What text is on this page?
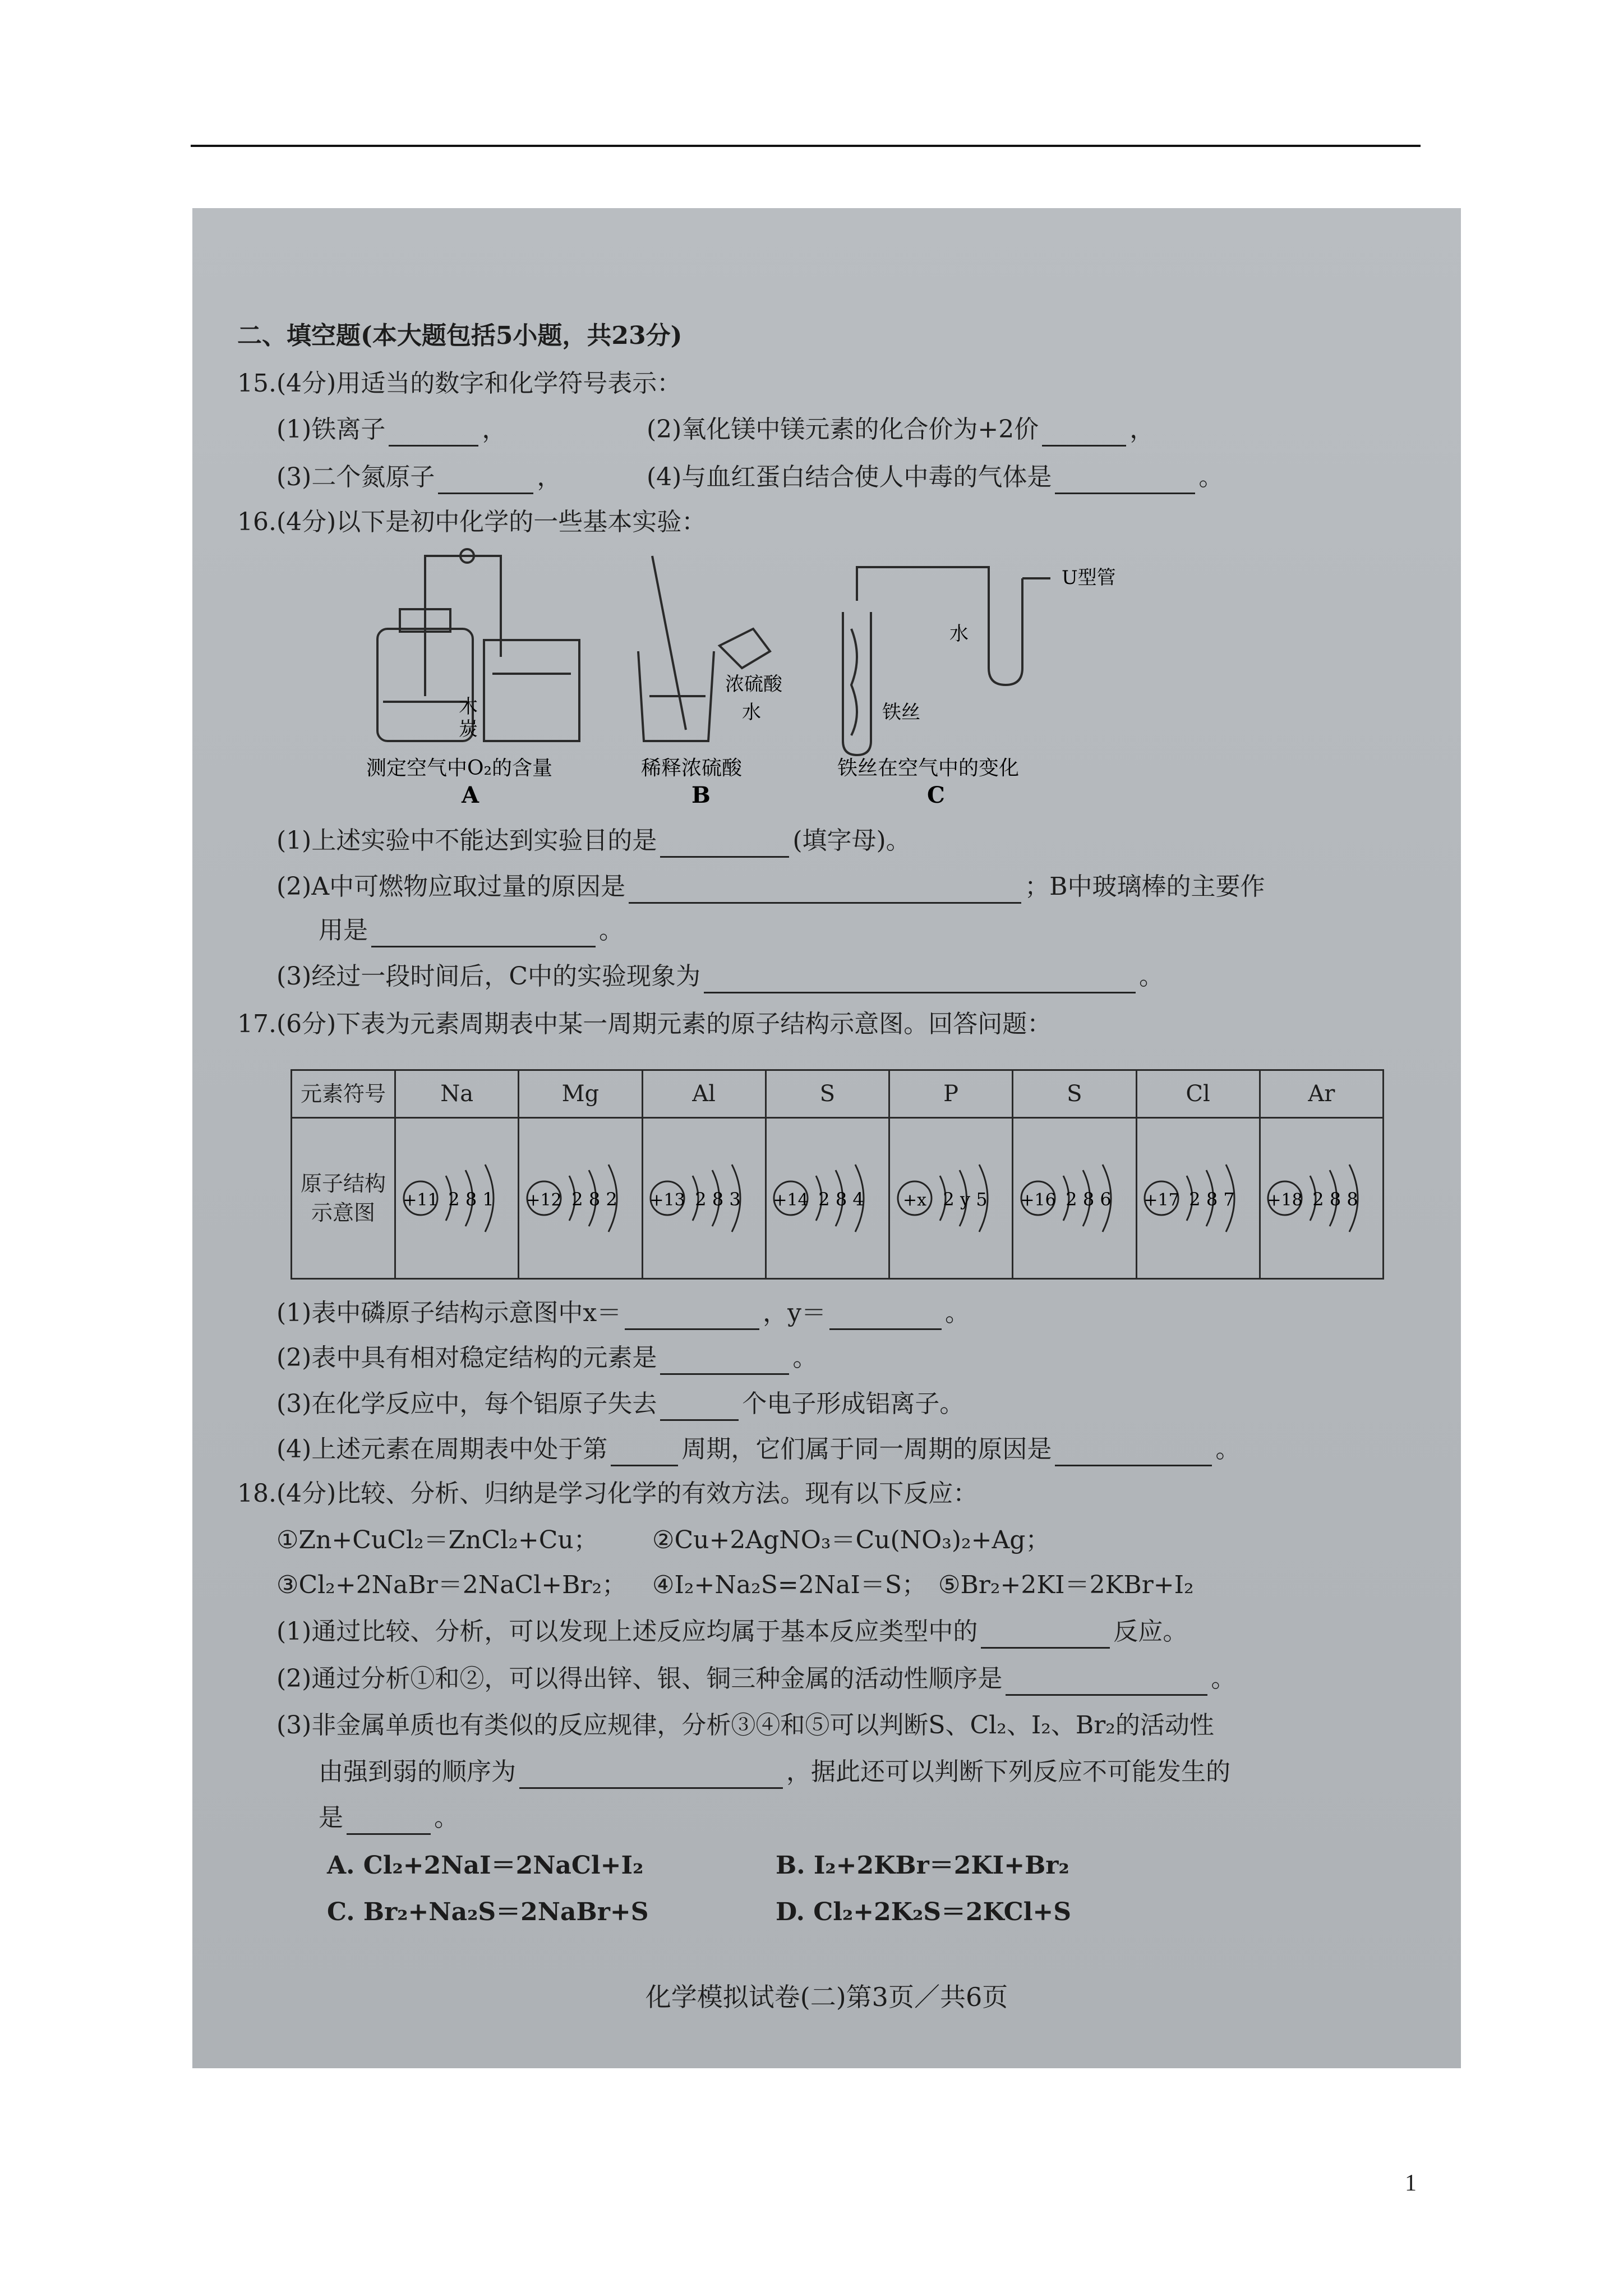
二、填空题(本大题包括5小题，共23分)
15.(4分)用适当的数字和化学符号表示：
(1)铁离子	，	(2)氧化镁中镁元素的化合价为+2价	，
(3)二个氮原子	，	(4)与血红蛋白结合使人中毒的气体是	。
16.(4分)以下是初中化学的一些基本实验：
木
炭
测定空气中O₂的含量
A
浓硫酸
水
稀释浓硫酸
B
U型管
水
铁丝
铁丝在空气中的变化
C
(1)上述实验中不能达到实验目的是	(填字母)。
(2)A中可燃物应取过量的原因是	；B中玻璃棒的主要作
用是	。
(3)经过一段时间后，C中的实验现象为	。
17.(6分)下表为元素周期表中某一周期元素的原子结构示意图。回答问题：
元素符号	Na	Mg	Al	S	P	S	Cl	Ar
原子结构示意图	+11 2 8 1	+12 2 8 2	+13 2 8 3	+14 2 8 4	+x 2 y 5	+16 2 8 6	+17 2 8 7	+18 2 8 8
(1)表中磷原子结构示意图中x＝	，y＝	。
(2)表中具有相对稳定结构的元素是	。
(3)在化学反应中，每个铝原子失去	个电子形成铝离子。
(4)上述元素在周期表中处于第	周期，它们属于同一周期的原因是	。
18.(4分)比较、分析、归纳是学习化学的有效方法。现有以下反应：
①Zn+CuCl₂＝ZnCl₂+Cu； ②Cu+2AgNO₃＝Cu(NO₃)₂+Ag；
③Cl₂+2NaBr＝2NaCl+Br₂； ④I₂+Na₂S=2NaI＝S； ⑤Br₂+2KI＝2KBr+I₂
(1)通过比较、分析，可以发现上述反应均属于基本反应类型中的	反应。
(2)通过分析①和②，可以得出锌、银、铜三种金属的活动性顺序是	。
(3)非金属单质也有类似的反应规律，分析③④和⑤可以判断S、Cl₂、I₂、Br₂的活动性
由强到弱的顺序为	，据此还可以判断下列反应不可能发生的
是	。
A. Cl₂+2NaI＝2NaCl+I₂	B. I₂+2KBr＝2KI+Br₂
C. Br₂+Na₂S＝2NaBr+S	D. Cl₂+2K₂S＝2KCl+S
化学模拟试卷(二)第3页／共6页
1
